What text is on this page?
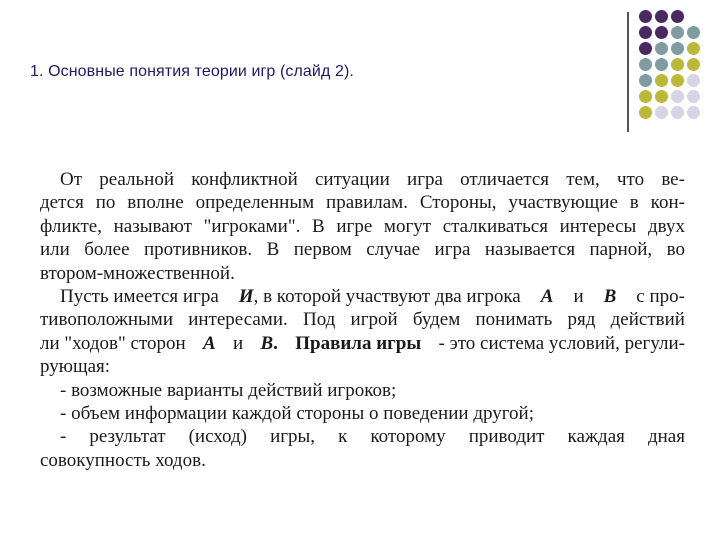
1. Основные понятия теории игр (слайд 2).
От реальной конфликтной ситуации игра отличается тем, что ве-
дется по вполне определенным правилам. Стороны, участвующие в кон-
фликте, называют "игроками". В игре могут сталкиваться интересы двух
или более противников. В первом случае игра называется парной, во
втором-множественной.
Пусть имеется игра И, в которой участвуют два игрока А и В с про-
тивоположными интересами. Под игрой будем понимать ряд действий
ли "ходов" сторон А и В. Правила игры - это система условий, регули-
рующая:
- возможные варианты действий игроков;
- объем информации каждой стороны о поведении другой;
- результат (исход) игры, к которому приводит каждая дная
совокупность ходов.
